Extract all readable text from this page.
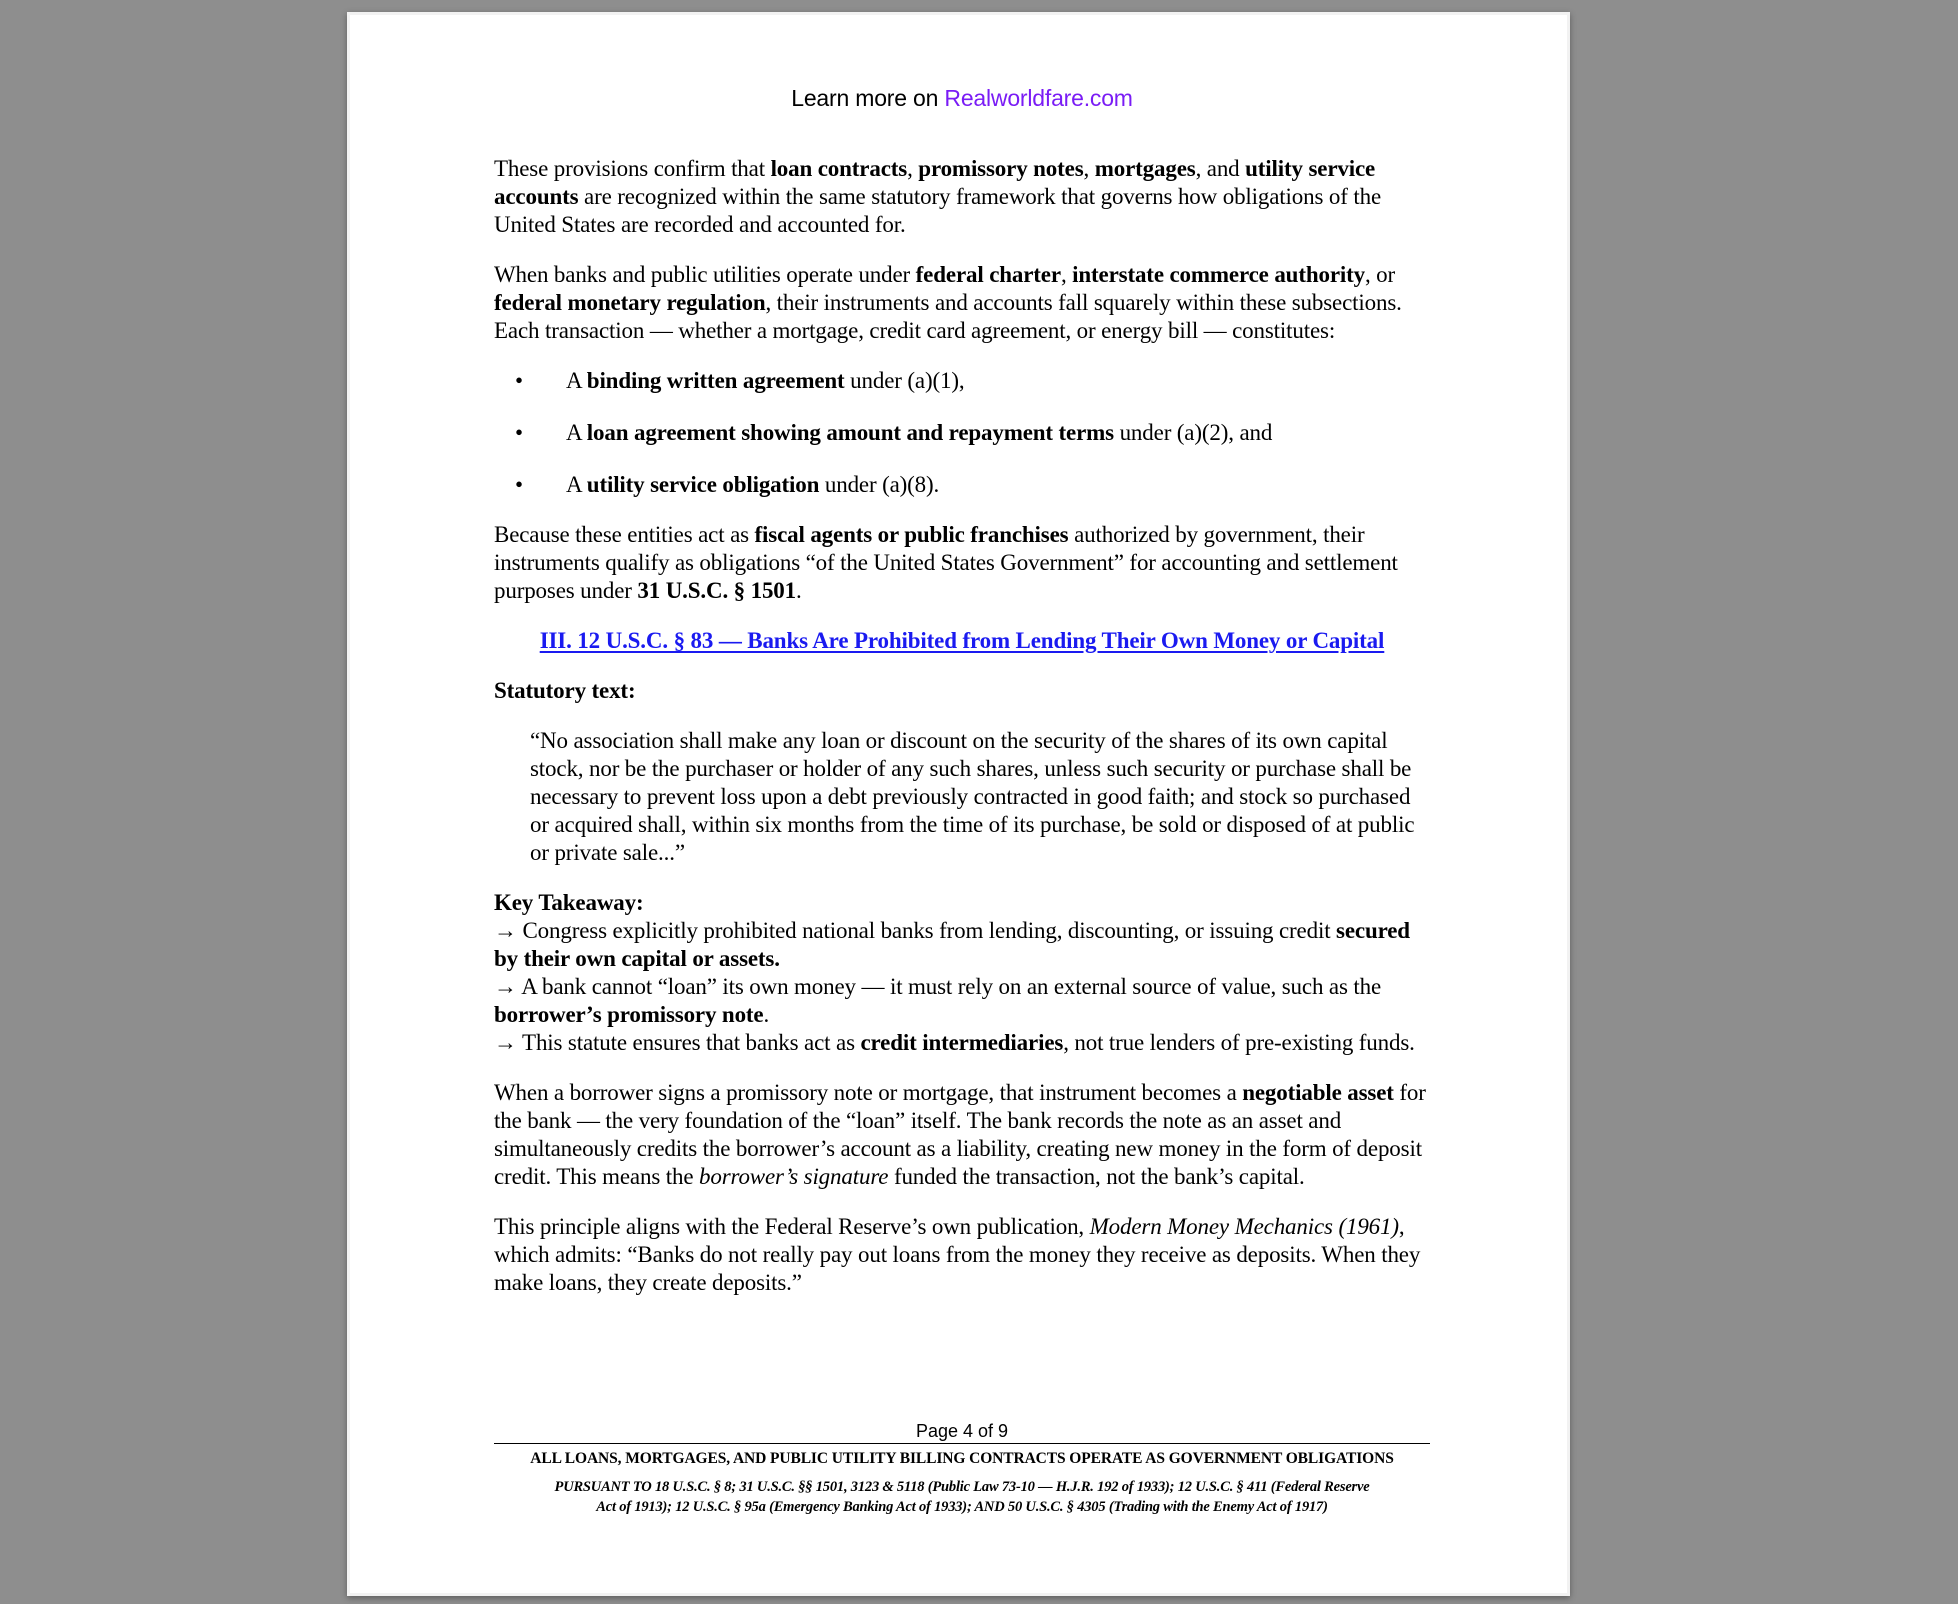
Learn more on Realworldfare.com

These provisions confirm that loan contracts, promissory notes, mortgages, and utility service accounts are recognized within the same statutory framework that governs how obligations of the United States are recorded and accounted for.

When banks and public utilities operate under federal charter, interstate commerce authority, or federal monetary regulation, their instruments and accounts fall squarely within these subsections. Each transaction — whether a mortgage, credit card agreement, or energy bill — constitutes:

• A binding written agreement under (a)(1),
• A loan agreement showing amount and repayment terms under (a)(2), and
• A utility service obligation under (a)(8).

Because these entities act as fiscal agents or public franchises authorized by government, their instruments qualify as obligations “of the United States Government” for accounting and settlement purposes under 31 U.S.C. § 1501.

III. 12 U.S.C. § 83 — Banks Are Prohibited from Lending Their Own Money or Capital

Statutory text:

“No association shall make any loan or discount on the security of the shares of its own capital stock, nor be the purchaser or holder of any such shares, unless such security or purchase shall be necessary to prevent loss upon a debt previously contracted in good faith; and stock so purchased or acquired shall, within six months from the time of its purchase, be sold or disposed of at public or private sale...”
Key Takeaway:
→ Congress explicitly prohibited national banks from lending, discounting, or issuing credit secured by their own capital or assets.
→ A bank cannot “loan” its own money — it must rely on an external source of value, such as the borrower’s promissory note.
→ This statute ensures that banks act as credit intermediaries, not true lenders of pre-existing funds.

When a borrower signs a promissory note or mortgage, that instrument becomes a negotiable asset for the bank — the very foundation of the “loan” itself. The bank records the note as an asset and simultaneously credits the borrower’s account as a liability, creating new money in the form of deposit credit. This means the borrower’s signature funded the transaction, not the bank’s capital.

This principle aligns with the Federal Reserve’s own publication, Modern Money Mechanics (1961), which admits: “Banks do not really pay out loans from the money they receive as deposits. When they make loans, they create deposits.”

Page 4 of 9
ALL LOANS, MORTGAGES, AND PUBLIC UTILITY BILLING CONTRACTS OPERATE AS GOVERNMENT OBLIGATIONS
PURSUANT TO 18 U.S.C. § 8; 31 U.S.C. §§ 1501, 3123 & 5118 (Public Law 73-10 — H.J.R. 192 of 1933); 12 U.S.C. § 411 (Federal Reserve
Act of 1913); 12 U.S.C. § 95a (Emergency Banking Act of 1933); AND 50 U.S.C. § 4305 (Trading with the Enemy Act of 1917)
